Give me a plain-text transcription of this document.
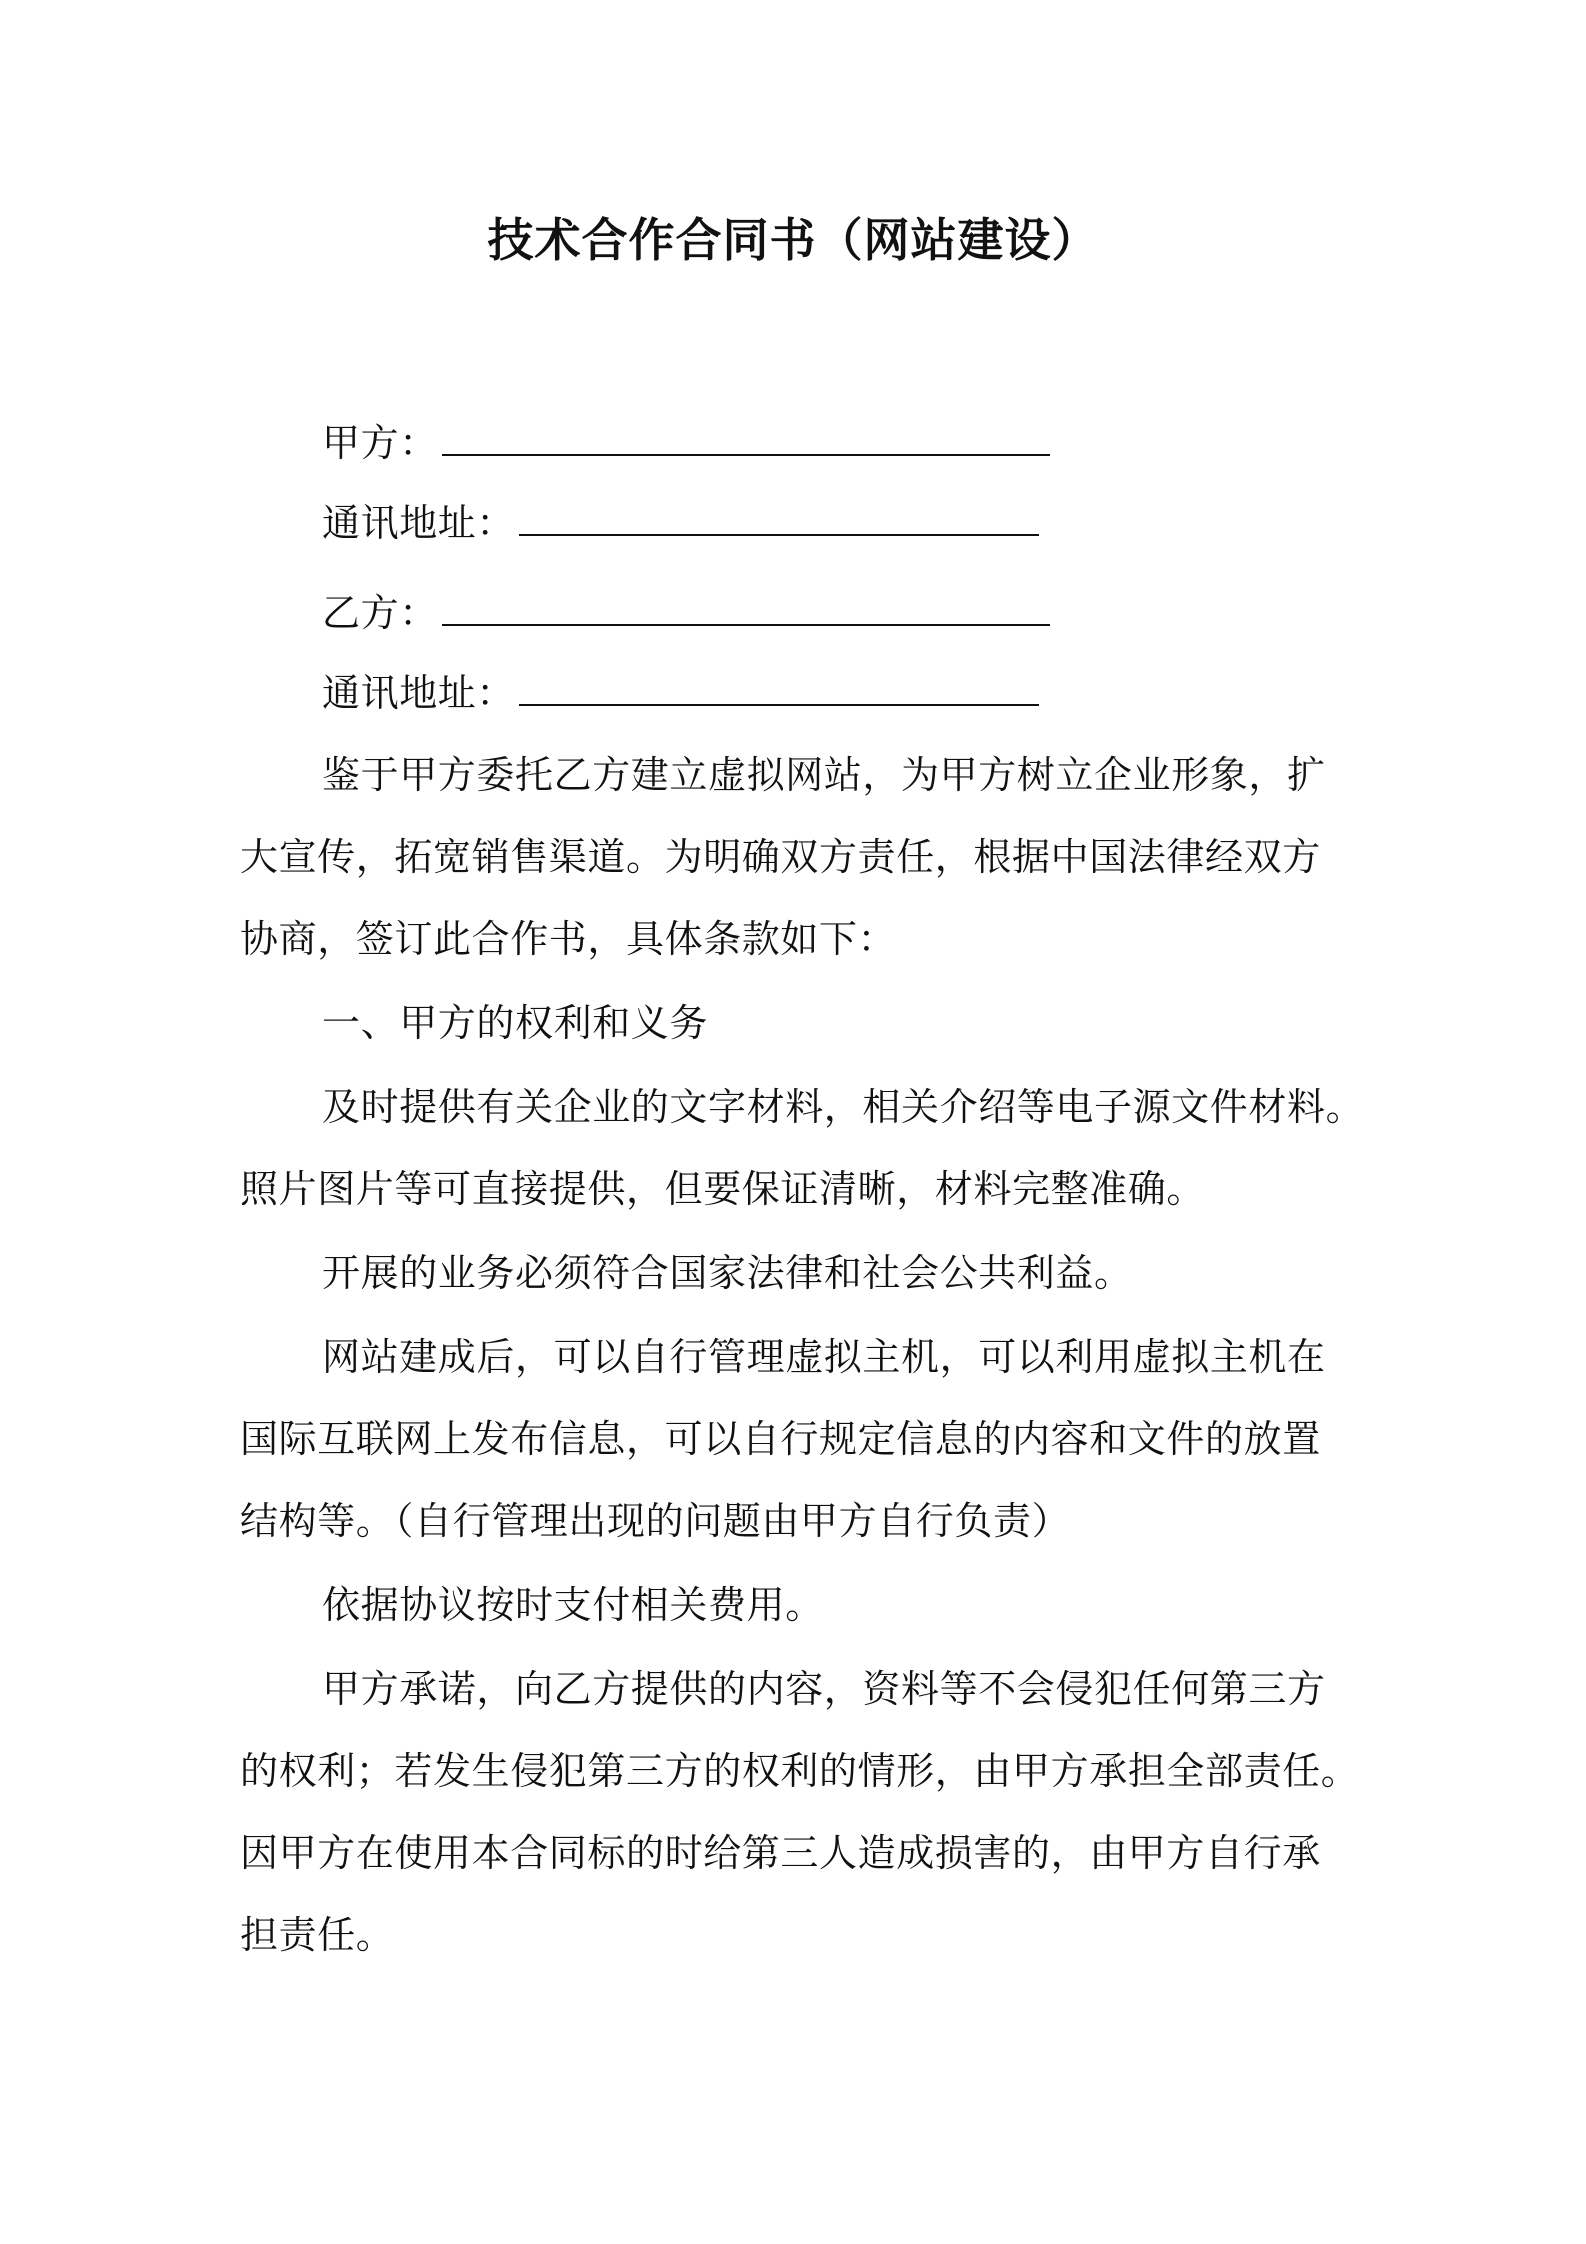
技术合作合同书（网站建设）
甲方：
通讯地址：
乙方：
通讯地址：
鉴于甲方委托乙方建立虚拟网站，为甲方树立企业形象，扩
大宣传，拓宽销售渠道。为明确双方责任，根据中国法律经双方
协商，签订此合作书，具体条款如下：
一、甲方的权利和义务
及时提供有关企业的文字材料，相关介绍等电子源文件材料。
照片图片等可直接提供，但要保证清晰，材料完整准确。
开展的业务必须符合国家法律和社会公共利益。
网站建成后，可以自行管理虚拟主机，可以利用虚拟主机在
国际互联网上发布信息，可以自行规定信息的内容和文件的放置
结构等。（自行管理出现的问题由甲方自行负责）
依据协议按时支付相关费用。
甲方承诺，向乙方提供的内容，资料等不会侵犯任何第三方
的权利；若发生侵犯第三方的权利的情形，由甲方承担全部责任。
因甲方在使用本合同标的时给第三人造成损害的，由甲方自行承
担责任。
